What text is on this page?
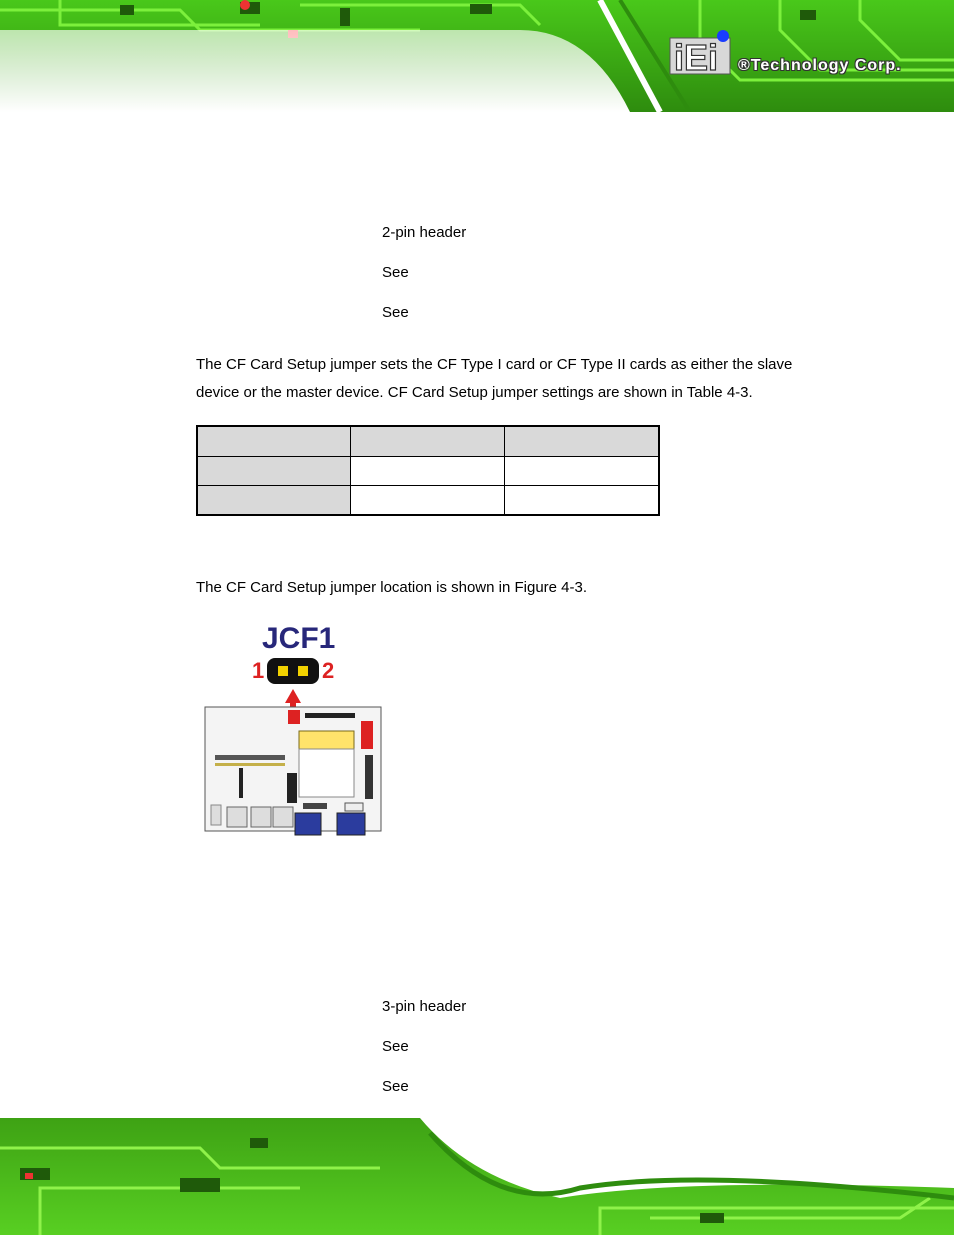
iEi ®Technology Corp.
2-pin header
See
See
The CF Card Setup jumper sets the CF Type I card or CF Type II cards as either the slave device or the master device. CF Card Setup jumper settings are shown in Table 4-3.

The CF Card Setup jumper location is shown in Figure 4-3.
JCF1
1	2
3-pin header
See
See
